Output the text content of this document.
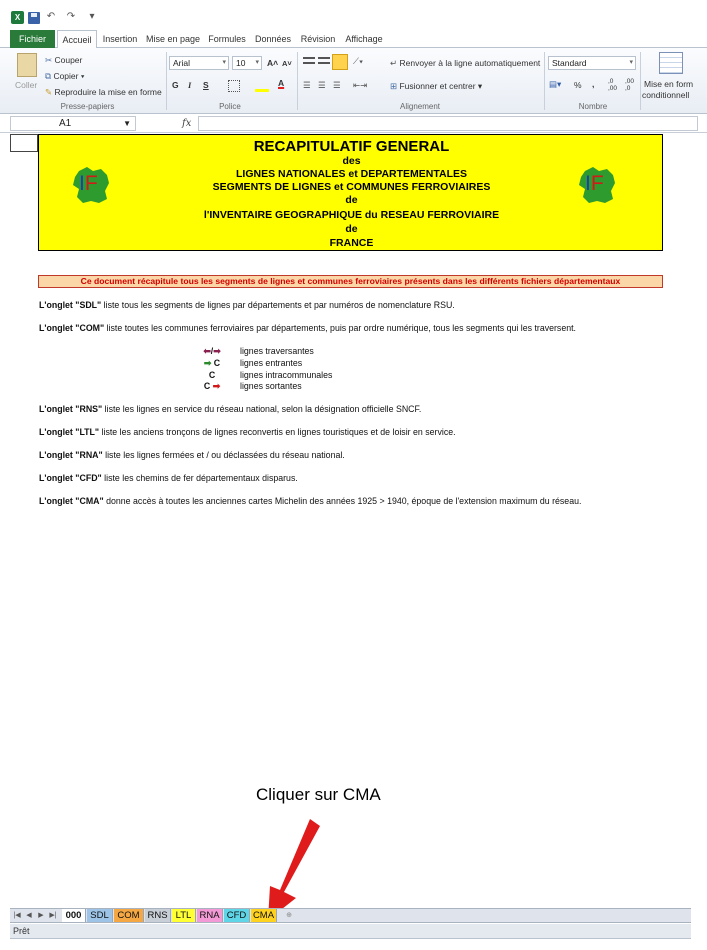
X	↶ ↷ ▾
Fichier	Accueil	Insertion Mise en page Formules Données	Révision	Affichage
Coller
✂ Couper
⧉ Copier ▾
✎ Reproduire la mise en forme
Presse-papiers
Arial	▾	10 ▾ A˄ A˅
G I S	A
Police
⟋▾
☰ ☰ ☰ ⇤⇥
↵ Renvoyer à la ligne automatiquement
⊞ Fusionner et centrer ▾
Alignement
Standard	▾
▤▾ % , ,0 ,00
,00 ,0
Nombre
Mise en form
conditionnell
A1	▼	fx
IF	IF
RECAPITULATIF GENERAL
des
LIGNES NATIONALES et DEPARTEMENTALES
SEGMENTS DE LIGNES et COMMUNES FERROVIAIRES
de
l'INVENTAIRE GEOGRAPHIQUE du RESEAU FERROVIAIRE
de
FRANCE
Ce document récapitule tous les segments de lignes et communes ferroviaires présents dans les différents fichiers départementaux
L'onglet "SDL" liste tous les segments de lignes par départements et par numéros de nomenclature RSU.
L'onglet "COM" liste toutes les communes ferroviaires par départements, puis par ordre numérique, tous les segments qui les traversent.
⬅/➡	lignes traversantes
➡ C	lignes entrantes
C	lignes intracommunales
C ➡	lignes sortantes
L'onglet "RNS" liste les lignes en service du réseau national, selon la désignation officielle SNCF.
L'onglet "LTL" liste les anciens tronçons de lignes reconvertis en lignes touristiques et de loisir en service.
L'onglet "RNA" liste les lignes fermées et / ou déclassées du réseau national.
L'onglet "CFD" liste les chemins de fer départementaux disparus.
L'onglet "CMA" donne accès à toutes les anciennes cartes Michelin des années 1925 > 1940, époque de l'extension maximum du réseau.
Cliquer sur CMA
|◀ ◀ ▶ ▶| 000 SDL COM RNS LTL RNA CFD CMA	⊕
Prêt
